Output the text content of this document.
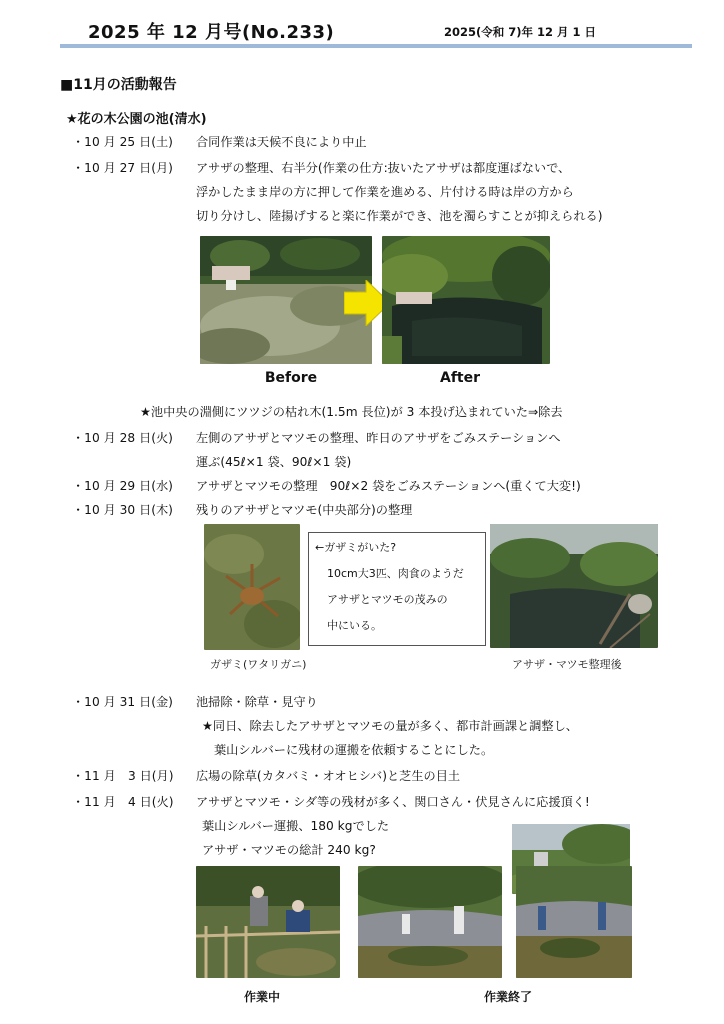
2025 年 12 月号(No.233)	2025(令和 7)年 12 月 1 日
■11月の活動報告
★花の木公園の池(清水)
・10 月 25 日(土) 合同作業は天候不良により中止
・10 月 27 日(月) アサザの整理、右半分(作業の仕方:抜いたアサザは都度運ばないで、
浮かしたまま岸の方に押して作業を進める、片付ける時は岸の方から
切り分けし、陸揚げすると楽に作業ができ、池を濁らすことが抑えられる)
Before	After
★池中央の淵側にツツジの枯れ木(1.5m 長位)が 3 本投げ込まれていた⇒除去
・10 月 28 日(火) 左側のアサザとマツモの整理、昨日のアサザをごみステーションへ
運ぶ(45ℓ×1 袋、90ℓ×1 袋)
・10 月 29 日(水) アサザとマツモの整理　90ℓ×2 袋をごみステーションへ(重くて大変!)
・10 月 30 日(木) 残りのアサザとマツモ(中央部分)の整理
ガザミ(ワタリガニ)
←ガザミがいた?
10cm大3匹、肉食のようだ
アサザとマツモの茂みの
中にいる。
アサザ・マツモ整理後
・10 月 31 日(金) 池掃除・除草・見守り
★同日、除去したアサザとマツモの量が多く、都市計画課と調整し、
葉山シルバーに残材の運搬を依頼することにした。
・11 月　3 日(月) 広場の除草(カタバミ・オオヒシバ)と芝生の目土
・11 月　4 日(火) アサザとマツモ・シダ等の残材が多く、関口さん・伏見さんに応援頂く!
葉山シルバー運搬、180 kgでした
アサザ・マツモの総計 240 kg?
作業中	作業終了
